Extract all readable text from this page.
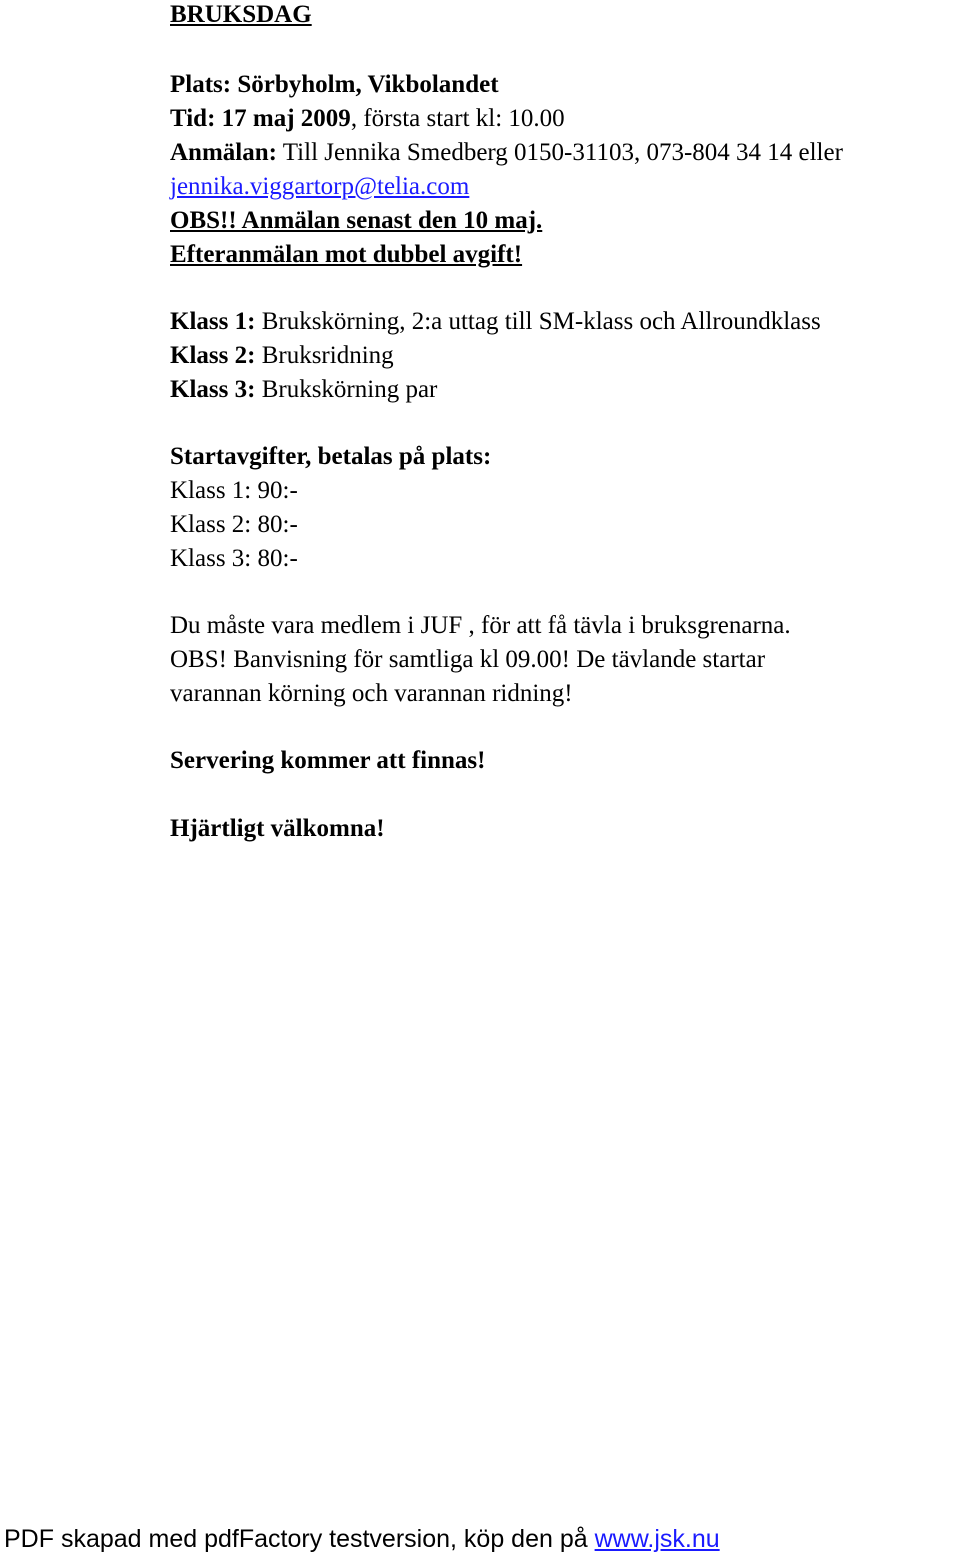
BRUKSDAG
Plats: Sörbyholm, Vikbolandet
Tid: 17 maj 2009, första start kl: 10.00
Anmälan: Till Jennika Smedberg 0150-31103, 073-804 34 14 eller
jennika.viggartorp@telia.com
OBS!! Anmälan senast den 10 maj.
Efteranmälan mot dubbel avgift!
Klass 1: Brukskörning, 2:a uttag till SM-klass och Allroundklass
Klass 2: Bruksridning
Klass 3: Brukskörning par
Startavgifter, betalas på plats:
Klass 1: 90:-
Klass 2: 80:-
Klass 3: 80:-
Du måste vara medlem i JUF , för att få tävla i bruksgrenarna.
OBS! Banvisning för samtliga kl 09.00! De tävlande startar
varannan körning och varannan ridning!
Servering kommer att finnas!
Hjärtligt välkomna!
PDF skapad med pdfFactory testversion, köp den på www.jsk.nu
